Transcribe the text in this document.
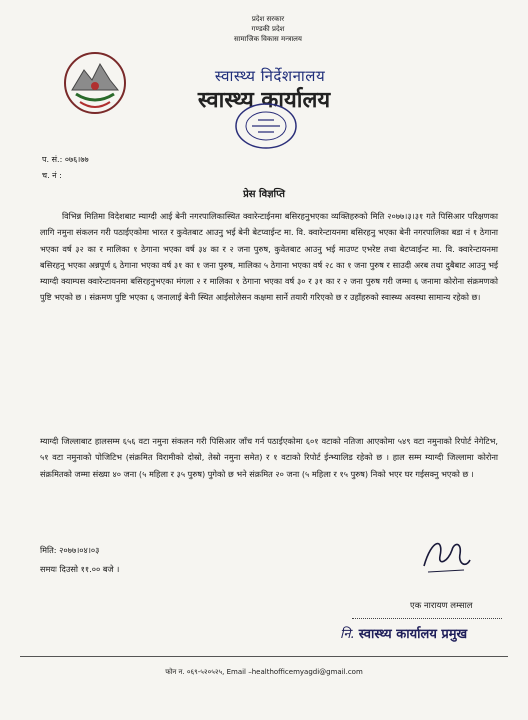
प्रदेश सरकार
गण्डकी प्रदेश
सामाजिक विकास मन्त्रालय
स्वास्थ्य निर्देशनालय
स्वास्थ्य कार्यालय
प. सं.: ०७६।७७
च. नं :
प्रेस विज्ञप्ति
विभिन्न मितिमा विदेशबाट म्याग्दी आई बेनी नगरपालिकास्थित क्वारेन्टाईनमा बसिरहनुभएका व्यक्तिहरुको मिति २०७७।३।३१ गते पिसिआर परिक्षणका लागि नमुना संकलन गरी पठाईएकोमा भारत र कुवेतबाट आउनु भई बेनी बेटप्वाईन्ट मा. वि. क्वारेन्टायनमा बसिरहनु भएका बेनी नगरपालिका बडा नं १ ठेगाना भएका वर्ष ३२ का र मालिका १ ठेगाना भएका वर्ष ३४ का र २ जना पुरुष, कुवेतबाट आउनु भई माउण्ट एभरेष्ट तथा बेटप्वाईन्ट मा. वि. क्वारेन्टायनमा बसिरहनु भएका अन्नपूर्ण ६ ठेगाना भएका वर्ष ३१ का १ जना पुरुष, मालिका ५ ठेगाना भएका वर्ष २८ का १ जना पुरुष र साउदी अरब तथा दुबैबाट आउनु भई म्याग्दी क्याम्पस क्वारेन्टायनमा बसिरहनुभएका मंगला २ र मालिका १ ठेगाना भएका वर्ष ३० र ३१ का र २ जना पुरुष गरी जम्मा ६ जनामा कोरोना संक्रमणको पुष्टि भएको छ । संक्रमण पुष्टि भएका ६ जनालाई बेनी स्थित आईसोलेसन कक्षमा सार्ने तयारी गरिएको छ र उहाँहरुको स्वास्थ्य अवस्था सामान्य रहेको छ।
म्याग्दी जिल्लाबाट हालसम्म ६५६ वटा नमुना संकलन गरी पिसिआर जाँच गर्न पठाईएकोमा ६०१ वटाको नतिजा आएकोमा ५४९ वटा नमुनाको रिपोर्ट नेगेटिभ, ५१ वटा नमुनाको पोजिटिभ (संक्रमित विरामीको दोस्रो, तेस्रो नमुना समेत) र १ वटाको रिपोर्ट ईन्भ्यालिड रहेको छ । हाल सम्म म्याग्दी जिल्लामा कोरोना संक्रमितको जम्मा संख्या ४० जना (५ महिला र ३५ पुरुष) पुगेको छ भने संक्रमित २० जना (५ महिला र १५ पुरुष) निको भएर घर गईसक्नु भएको छ ।
मिति: २०७७।०४।०३
समयः दिउसो ११.०० बजे ।
एक नारायण लम्साल
नि. स्वास्थ्य कार्यालय प्रमुख
फोन न. ०६९-५२०५२५, Email –healthofficemyagdi@gmail.com
